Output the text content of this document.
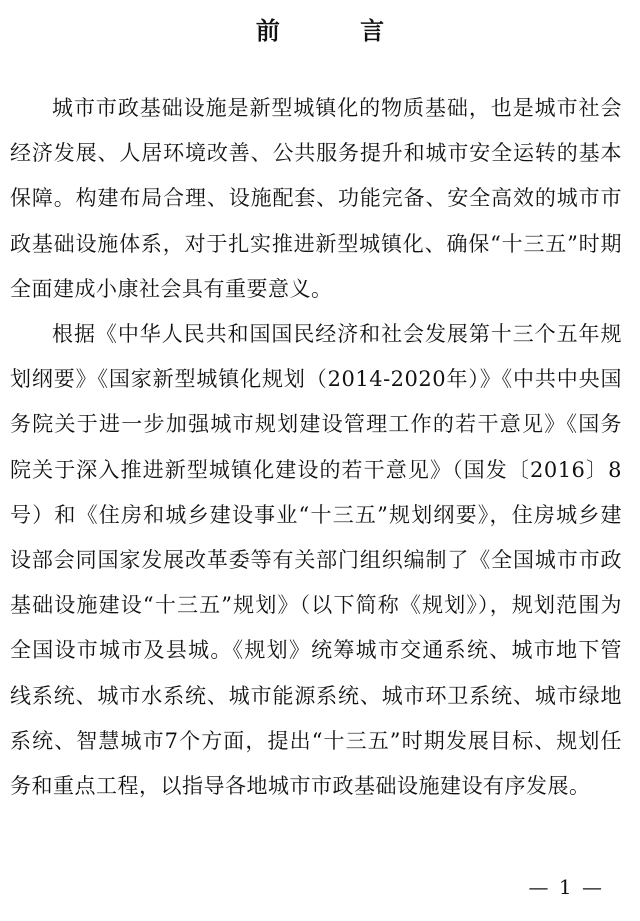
前 言

城市市政基础设施是新型城镇化的物质基础，也是城市社会经济发展、人居环境改善、公共服务提升和城市安全运转的基本保障。构建布局合理、设施配套、功能完备、安全高效的城市市政基础设施体系，对于扎实推进新型城镇化、确保“十三五”时期全面建成小康社会具有重要意义。

根据《中华人民共和国国民经济和社会发展第十三个五年规划纲要》《国家新型城镇化规划（2014-2020年）》《中共中央国务院关于进一步加强城市规划建设管理工作的若干意见》《国务院关于深入推进新型城镇化建设的若干意见》（国发〔2016〕8号）和《住房和城乡建设事业“十三五”规划纲要》，住房城乡建设部会同国家发展改革委等有关部门组织编制了《全国城市市政基础设施建设“十三五”规划》（以下简称《规划》），规划范围为全国设市城市及县城。《规划》统筹城市交通系统、城市地下管线系统、城市水系统、城市能源系统、城市环卫系统、城市绿地系统、智慧城市7个方面，提出“十三五”时期发展目标、规划任务和重点工程，以指导各地城市市政基础设施建设有序发展。

— 1 —
